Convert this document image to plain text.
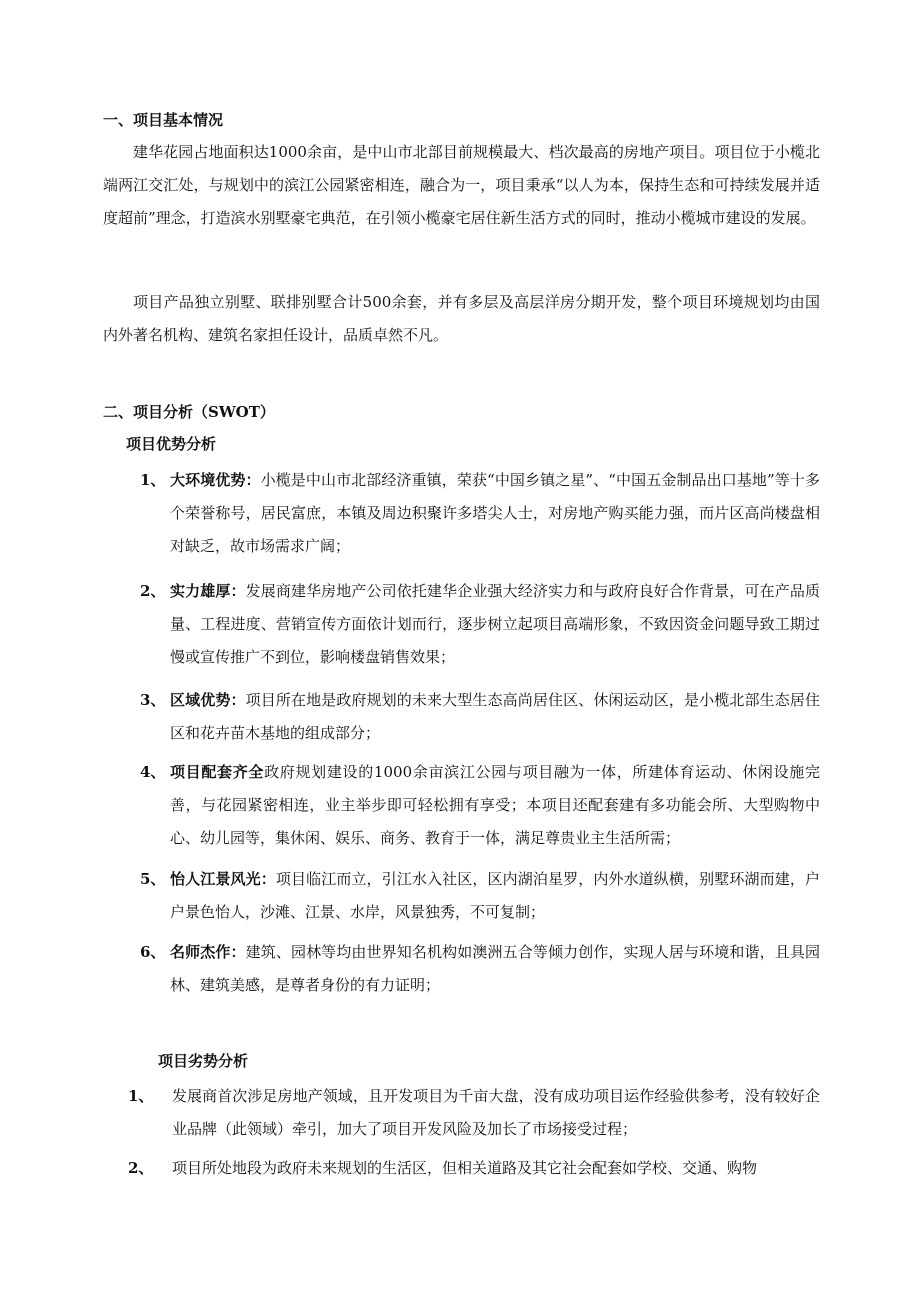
一、项目基本情况

建华花园占地面积达1000余亩，是中山市北部目前规模最大、档次最高的房地产项目。项目位于小榄北端两江交汇处，与规划中的滨江公园紧密相连，融合为一，项目秉承“以人为本，保持生态和可持续发展并适度超前”理念，打造滨水别墅豪宅典范，在引领小榄豪宅居住新生活方式的同时，推动小榄城市建设的发展。

项目产品独立别墅、联排别墅合计500余套，并有多层及高层洋房分期开发，整个项目环境规划均由国内外著名机构、建筑名家担任设计，品质卓然不凡。

二、项目分析（SWOT）
项目优势分析
1、 大环境优势：小榄是中山市北部经济重镇，荣获“中国乡镇之星”、“中国五金制品出口基地”等十多个荣誉称号，居民富庶，本镇及周边积聚许多塔尖人士，对房地产购买能力强，而片区高尚楼盘相对缺乏，故市场需求广阔；
2、 实力雄厚：发展商建华房地产公司依托建华企业强大经济实力和与政府良好合作背景，可在产品质量、工程进度、营销宣传方面依计划而行，逐步树立起项目高端形象，不致因资金问题导致工期过慢或宣传推广不到位，影响楼盘销售效果；
3、 区域优势：项目所在地是政府规划的未来大型生态高尚居住区、休闲运动区，是小榄北部生态居住区和花卉苗木基地的组成部分；
4、 项目配套齐全政府规划建设的1000余亩滨江公园与项目融为一体，所建体育运动、休闲设施完善，与花园紧密相连，业主举步即可轻松拥有享受；本项目还配套建有多功能会所、大型购物中心、幼儿园等，集休闲、娱乐、商务、教育于一体，满足尊贵业主生活所需；
5、 怡人江景风光：项目临江而立，引江水入社区，区内湖泊星罗，内外水道纵横，别墅环湖而建，户户景色怡人，沙滩、江景、水岸，风景独秀，不可复制；
6、 名师杰作：建筑、园林等均由世界知名机构如澳洲五合等倾力创作，实现人居与环境和谐，且具园林、建筑美感，是尊者身份的有力证明；
项目劣势分析
1、 发展商首次涉足房地产领域，且开发项目为千亩大盘，没有成功项目运作经验供参考，没有较好企业品牌（此领域）牵引，加大了项目开发风险及加长了市场接受过程；
2、 项目所处地段为政府未来规划的生活区，但相关道路及其它社会配套如学校、交通、购物
